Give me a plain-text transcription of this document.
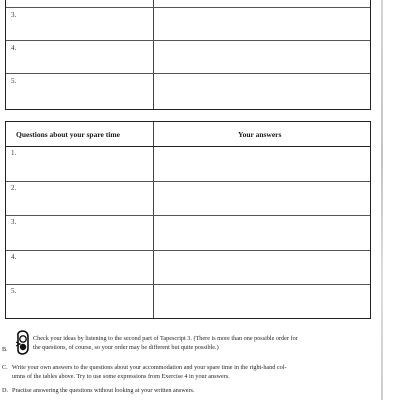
3.
4.
5.
Questions about your spare time	Your answers
1.
2.
3.
4.
5.
B.
Check your ideas by listening to the second part of Tapescript 3. (There is more than one possible order for
the questions, of course, so your order may be different but quite possible.)
C. Write your own answers to the questions about your accommodation and your spare time in the right-hand col-
umns of the tables above. Try to use some expressions from Exercise 4 in your answers.
D. Practise answering the questions without looking at your written answers.
